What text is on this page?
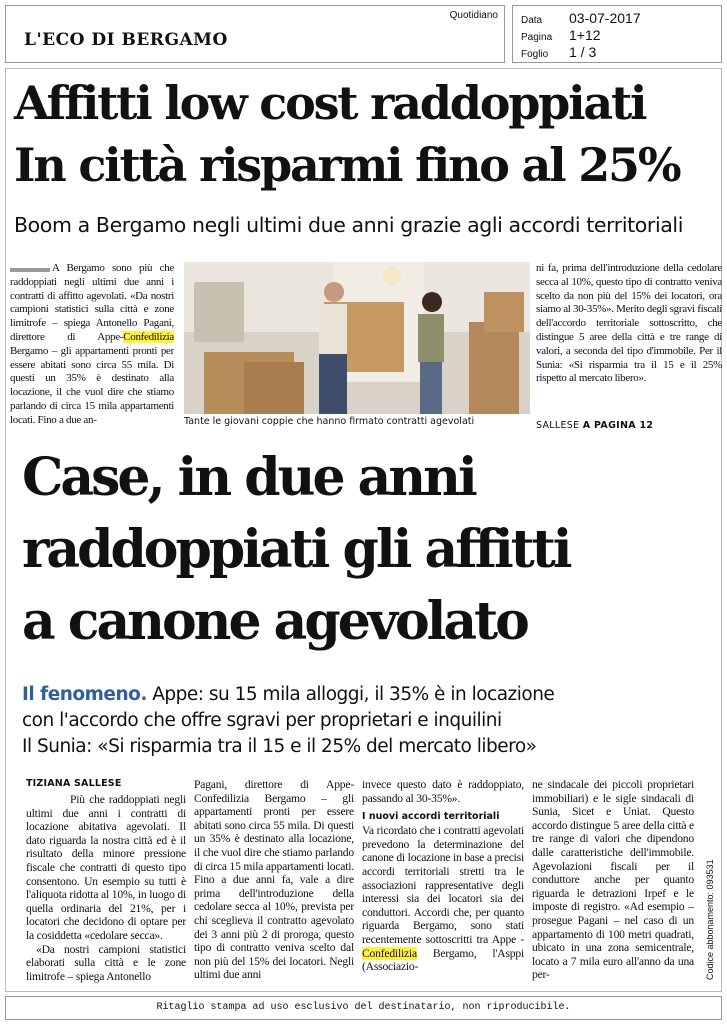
L'ECO DI BERGAMO
Quotidiano Data	03-07-2017
Pagina	1+12
Foglio	1 / 3
Affitti low cost raddoppiati
In città risparmi fino al 25%
Boom a Bergamo negli ultimi due anni grazie agli accordi territoriali

A Bergamo sono più che raddoppiati negli ultimi due anni i contratti di affitto agevolati. «Da nostri campioni statistici sulla città e zone limitrofe – spiega Antonello Pagani, direttore di Appe-Confedilizia Bergamo – gli appartamenti pronti per essere abitati sono circa 55 mila. Di questi un 35% è destinato alla locazione, il che vuol dire che stiamo parlando di circa 15 mila appartamenti locati. Fino a due an-	Tante le giovani coppie che hanno firmato contratti agevolati

ni fa, prima dell'introduzione della cedolare secca al 10%, questo tipo di contratto veniva scelto da non più del 15% dei locatori, ora siamo al 30-35%». Merito degli sgravi fiscali dell'accordo territoriale sottoscritto, che distingue 5 aree della città e tre range di valori, a seconda del tipo d'immobile. Per il Sunia: «Si risparmia tra il 15 e il 25% rispetto al mercato libero».

SALLESE A PAGINA 12
Case, in due anni
raddoppiati gli affitti
a canone agevolato
Il fenomeno. Appe: su 15 mila alloggi, il 35% è in locazione
con l'accordo che offre sgravi per proprietari e inquilini
Il Sunia: «Si risparmia tra il 15 e il 25% del mercato libero»
TIZIANA SALLESE

Più che raddoppiati negli ultimi due anni i contratti di locazione abitativa agevolati. Il dato riguarda la nostra città ed è il risultato della minore pressione fiscale che contratti di questo tipo consentono. Un esempio su tutti è l'aliquota ridotta al 10%, in luogo di quella ordinaria del 21%, per i locatori che decidono di optare per la cosiddetta «cedolare secca».

«Da nostri campioni statistici elaborati sulla città e le zone limitrofe – spiega Antonello

Pagani, direttore di Appe-Confedilizia Bergamo – gli appartamenti pronti per essere abitati sono circa 55 mila. Di questi un 35% è destinato alla locazione, il che vuol dire che stiamo parlando di circa 15 mila appartamenti locati. Fino a due anni fa, vale a dire prima dell'introduzione della cedolare secca al 10%, prevista per chi sceglieva il contratto agevolato dei 3 anni più 2 di proroga, questo tipo di contratto veniva scelto dal non più del 15% dei locatori. Negli ultimi due anni

invece questo dato è raddoppiato, passando al 30-35%».

I nuovi accordi territoriali

Va ricordato che i contratti agevolati prevedono la determinazione del canone di locazione in base a precisi accordi territoriali stretti tra le associazioni rappresentative degli interessi sia dei locatori sia dei conduttori. Accordi che, per quanto riguarda Bergamo, sono stati recentemente sottoscritti tra Appe - Confedilizia Bergamo, l'Asppi (Associazio-

ne sindacale dei piccoli proprietari immobiliari) e le sigle sindacali di Sunia, Sicet e Uniat. Questo accordo distingue 5 aree della città e tre range di valori che dipendono dalle caratteristiche dell'immobile. Agevolazioni fiscali per il conduttore anche per quanto riguarda le detrazioni Irpef e le imposte di registro. «Ad esempio – prosegue Pagani – nel caso di un appartamento di 100 metri quadrati, ubicato in una zona semicentrale, locato a 7 mila euro all'anno da una per-	Codice abbonamento: 093531
Ritaglio stampa ad uso esclusivo del destinatario, non riproducibile.
